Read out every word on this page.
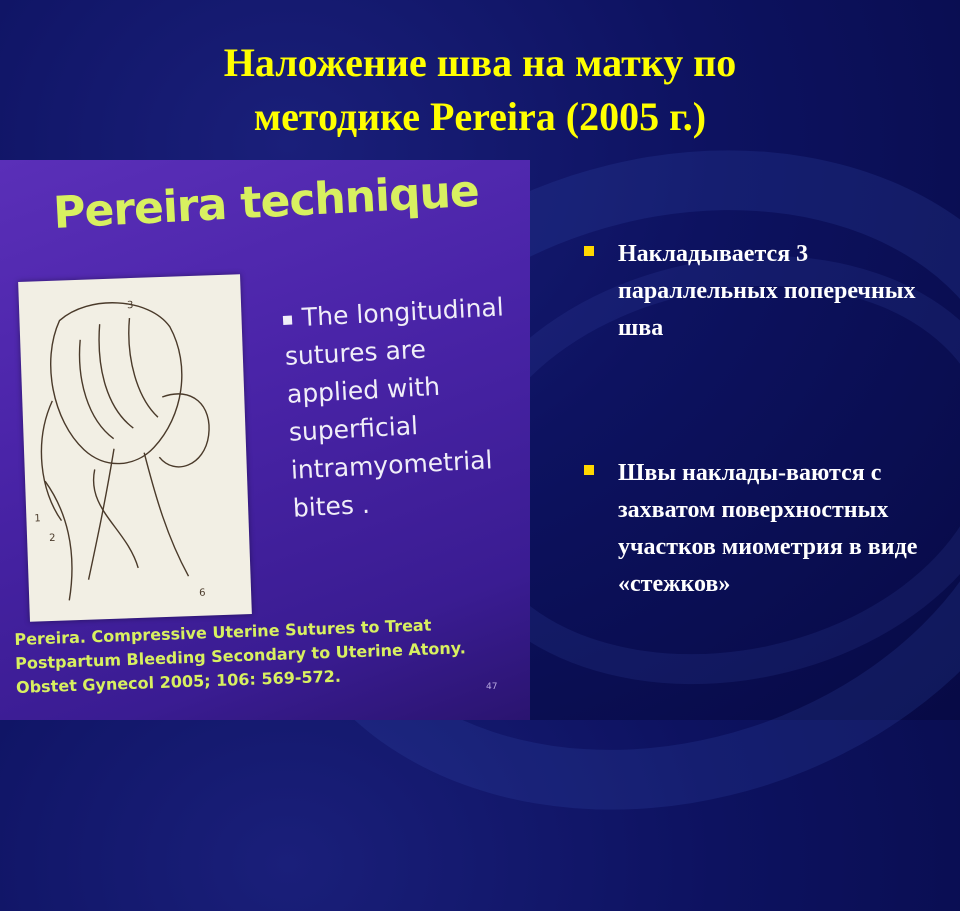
Наложение шва на матку по
методике Pereira (2005 г.)
Pereira technique
3
1
2
6
The longitudinal sutures are applied with superficial intramyometrial bites .
Pereira. Compressive Uterine Sutures to Treat Postpartum Bleeding Secondary to Uterine Atony. Obstet Gynecol 2005; 106: 569-572.	47
Накладывается 3 параллельных поперечных шва
Швы наклады-ваются с захватом поверхностных участков миометрия в виде «стежков»
